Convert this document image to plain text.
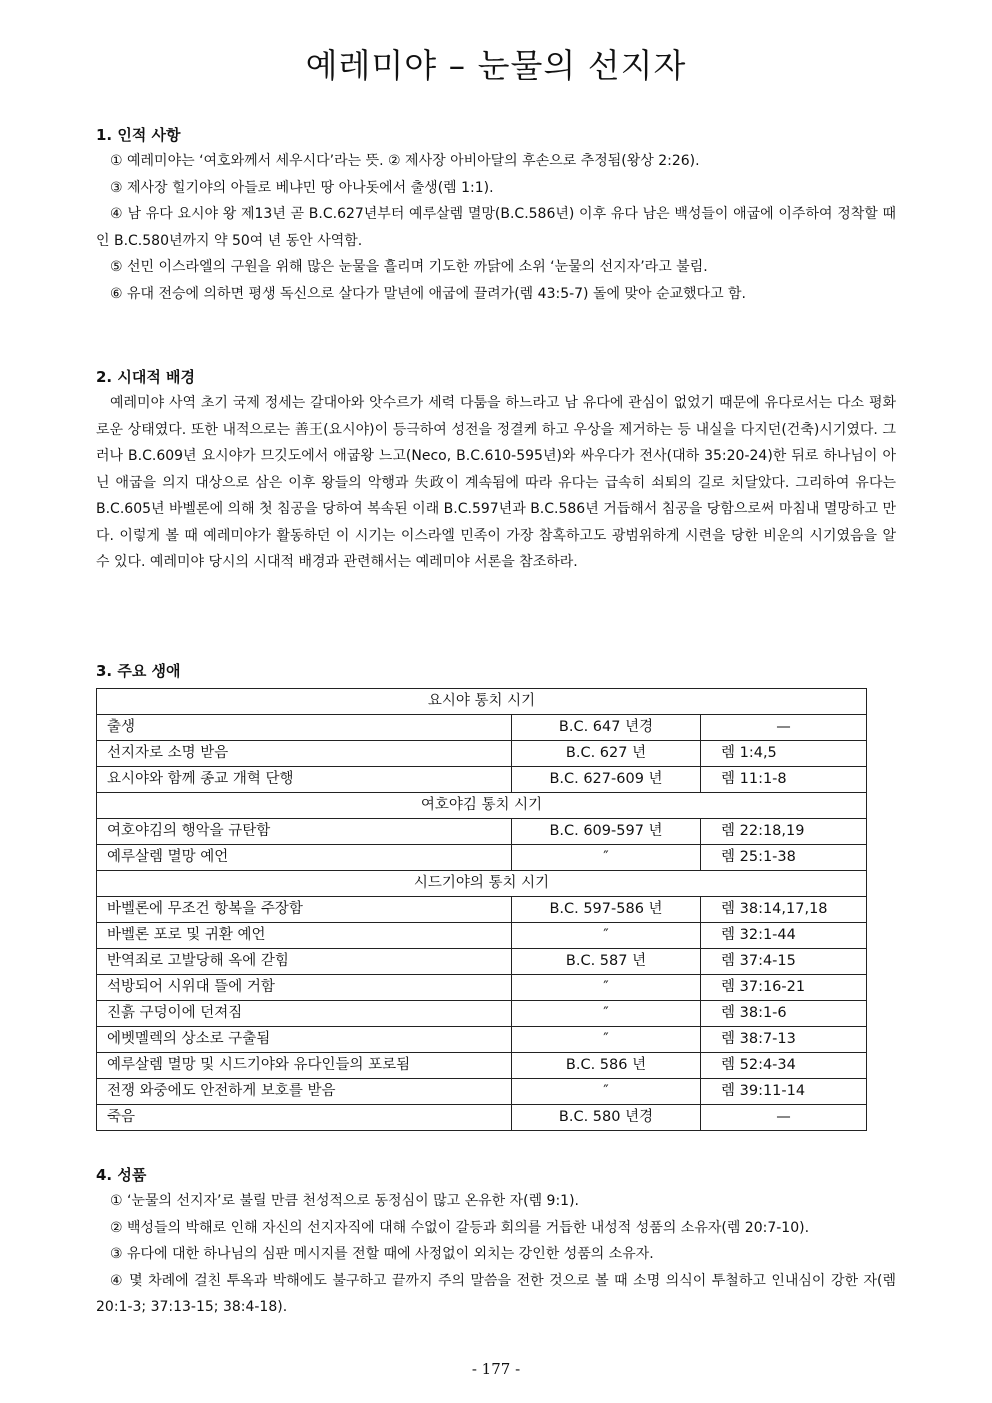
예레미야 – 눈물의 선지자
1. 인적 사항

① 예레미야는 ‘여호와께서 세우시다’라는 뜻. ② 제사장 아비아달의 후손으로 추정됨(왕상 2:26).

③ 제사장 힐기야의 아들로 베냐민 땅 아나돗에서 출생(렘 1:1).

④ 남 유다 요시야 왕 제13년 곧 B.C.627년부터 예루살렘 멸망(B.C.586년) 이후 유다 남은 백성들이 애굽에 이주하여 정착할 때인 B.C.580년까지 약 50여 년 동안 사역함.

⑤ 선민 이스라엘의 구원을 위해 많은 눈물을 흘리며 기도한 까닭에 소위 ‘눈물의 선지자’라고 불림.

⑥ 유대 전승에 의하면 평생 독신으로 살다가 말년에 애굽에 끌려가(렘 43:5-7) 돌에 맞아 순교했다고 함.

2. 시대적 배경

예레미야 사역 초기 국제 정세는 갈대아와 앗수르가 세력 다툼을 하느라고 남 유다에 관심이 없었기 때문에 유다로서는 다소 평화로운 상태였다. 또한 내적으로는 善王(요시야)이 등극하여 성전을 정결케 하고 우상을 제거하는 등 내실을 다지던(건축)시기였다. 그러나 B.C.609년 요시야가 므깃도에서 애굽왕 느고(Neco, B.C.610-595년)와 싸우다가 전사(대하 35:20-24)한 뒤로 하나님이 아닌 애굽을 의지 대상으로 삼은 이후 왕들의 악행과 失政이 계속됨에 따라 유다는 급속히 쇠퇴의 길로 치달았다. 그리하여 유다는 B.C.605년 바벨론에 의해 첫 침공을 당하여 복속된 이래 B.C.597년과 B.C.586년 거듭해서 침공을 당함으로써 마침내 멸망하고 만다. 이렇게 볼 때 예레미야가 활동하던 이 시기는 이스라엘 민족이 가장 참혹하고도 광범위하게 시련을 당한 비운의 시기였음을 알 수 있다. 예레미야 당시의 시대적 배경과 관련해서는 예레미야 서론을 참조하라.

3. 주요 생애
요시야 통치 시기		
출생	B.C. 647 년경	—
선지자로 소명 받음	B.C. 627 년	렘 1:4,5
요시야와 함께 종교 개혁 단행	B.C. 627-609 년	렘 11:1-8
여호야김 통치 시기		
여호야김의 행악을 규탄함	B.C. 609-597 년	렘 22:18,19
예루살렘 멸망 예언	″	렘 25:1-38
시드기야의 통치 시기		
바벨론에 무조건 항복을 주장함	B.C. 597-586 년	렘 38:14,17,18
바벨론 포로 및 귀환 예언	″	렘 32:1-44
반역죄로 고발당해 옥에 갇힘	B.C. 587 년	렘 37:4-15
석방되어 시위대 뜰에 거함	″	렘 37:16-21
진흙 구덩이에 던져짐	″	렘 38:1-6
에벳멜렉의 상소로 구출됨	″	렘 38:7-13
예루살렘 멸망 및 시드기야와 유다인들의 포로됨	B.C. 586 년	렘 52:4-34
전쟁 와중에도 안전하게 보호를 받음	″	렘 39:11-14
죽음	B.C. 580 년경	—
4. 성품

① ‘눈물의 선지자’로 불릴 만큼 천성적으로 동정심이 많고 온유한 자(렘 9:1).

② 백성들의 박해로 인해 자신의 선지자직에 대해 수없이 갈등과 회의를 거듭한 내성적 성품의 소유자(렘 20:7-10).

③ 유다에 대한 하나님의 심판 메시지를 전할 때에 사정없이 외치는 강인한 성품의 소유자.

④ 몇 차례에 걸친 투옥과 박해에도 불구하고 끝까지 주의 말씀을 전한 것으로 볼 때 소명 의식이 투철하고 인내심이 강한 자(렘 20:1-3; 37:13-15; 38:4-18).

- 177 -
